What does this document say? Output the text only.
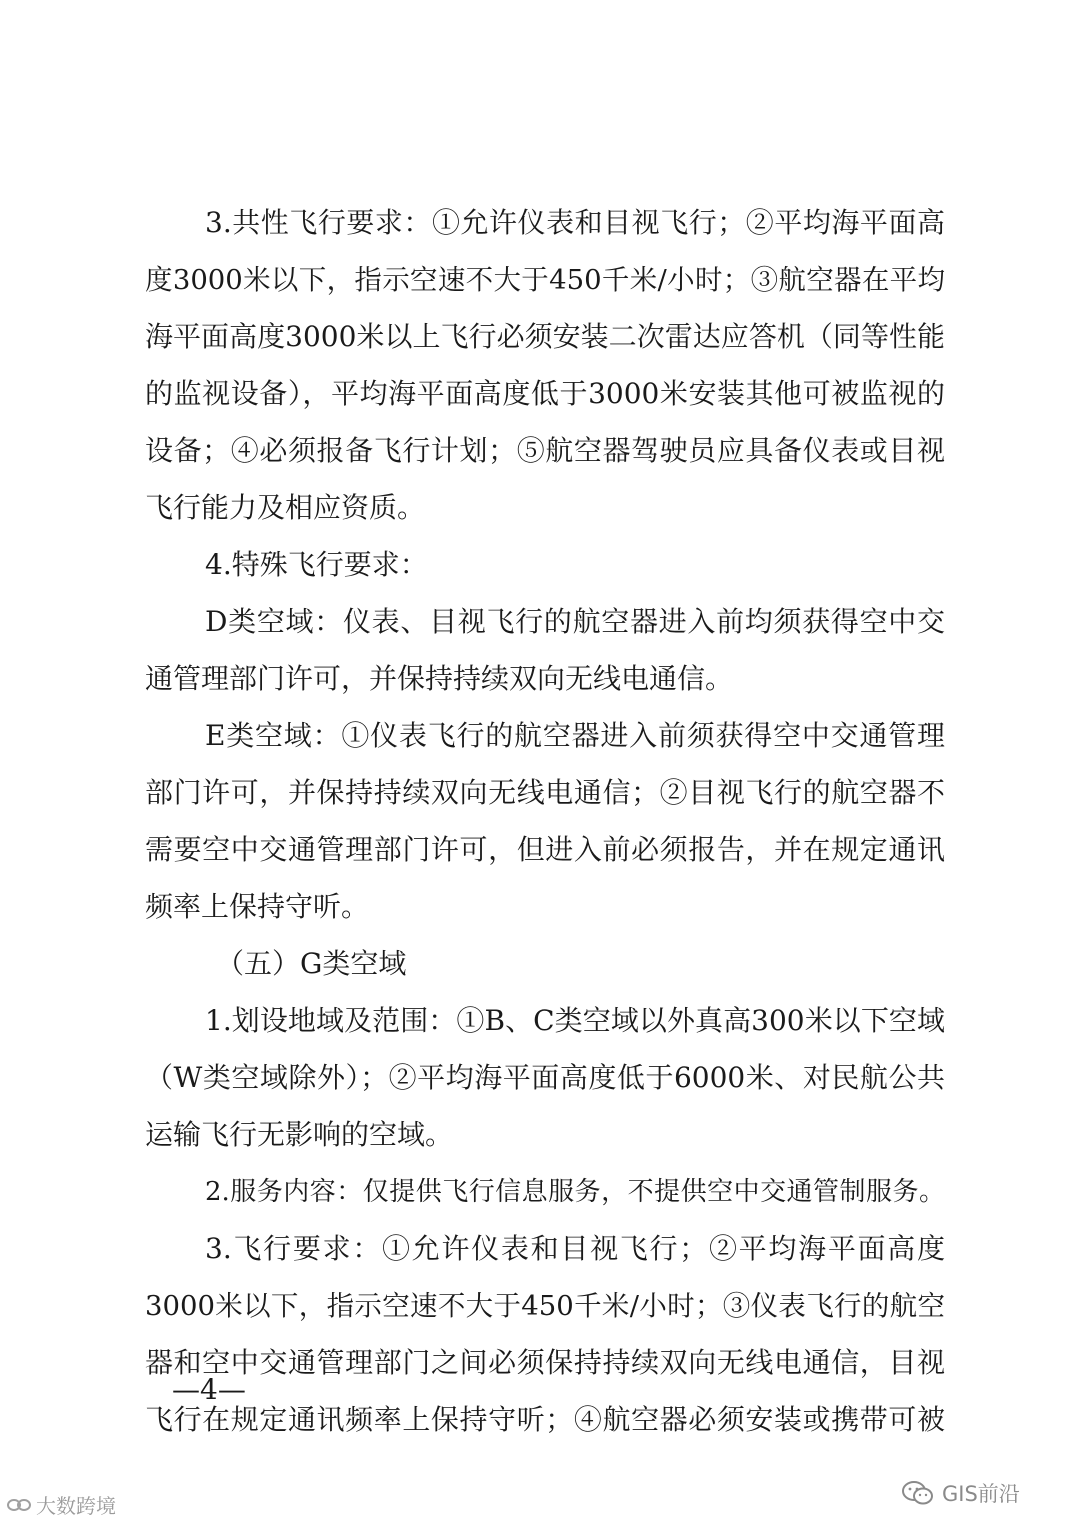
3.共性飞行要求：①允许仪表和目视飞行；②平均海平面高
度3000米以下，指示空速不大于450千米/小时；③航空器在平均
海平面高度3000米以上飞行必须安装二次雷达应答机（同等性能
的监视设备），平均海平面高度低于3000米安装其他可被监视的
设备；④必须报备飞行计划；⑤航空器驾驶员应具备仪表或目视
飞行能力及相应资质。
4.特殊飞行要求：
D类空域：仪表、目视飞行的航空器进入前均须获得空中交
通管理部门许可，并保持持续双向无线电通信。
E类空域：①仪表飞行的航空器进入前须获得空中交通管理
部门许可，并保持持续双向无线电通信；②目视飞行的航空器不
需要空中交通管理部门许可，但进入前必须报告，并在规定通讯
频率上保持守听。
（五）G类空域
1.划设地域及范围：①B、C类空域以外真高300米以下空域
（W类空域除外）；②平均海平面高度低于6000米、对民航公共
运输飞行无影响的空域。
2.服务内容：仅提供飞行信息服务，不提供空中交通管制服务。
3.飞行要求：①允许仪表和目视飞行；②平均海平面高度
3000米以下，指示空速不大于450千米/小时；③仪表飞行的航空
器和空中交通管理部门之间必须保持持续双向无线电通信，目视
飞行在规定通讯频率上保持守听；④航空器必须安装或携带可被
—4—
大数跨境	GIS前沿
